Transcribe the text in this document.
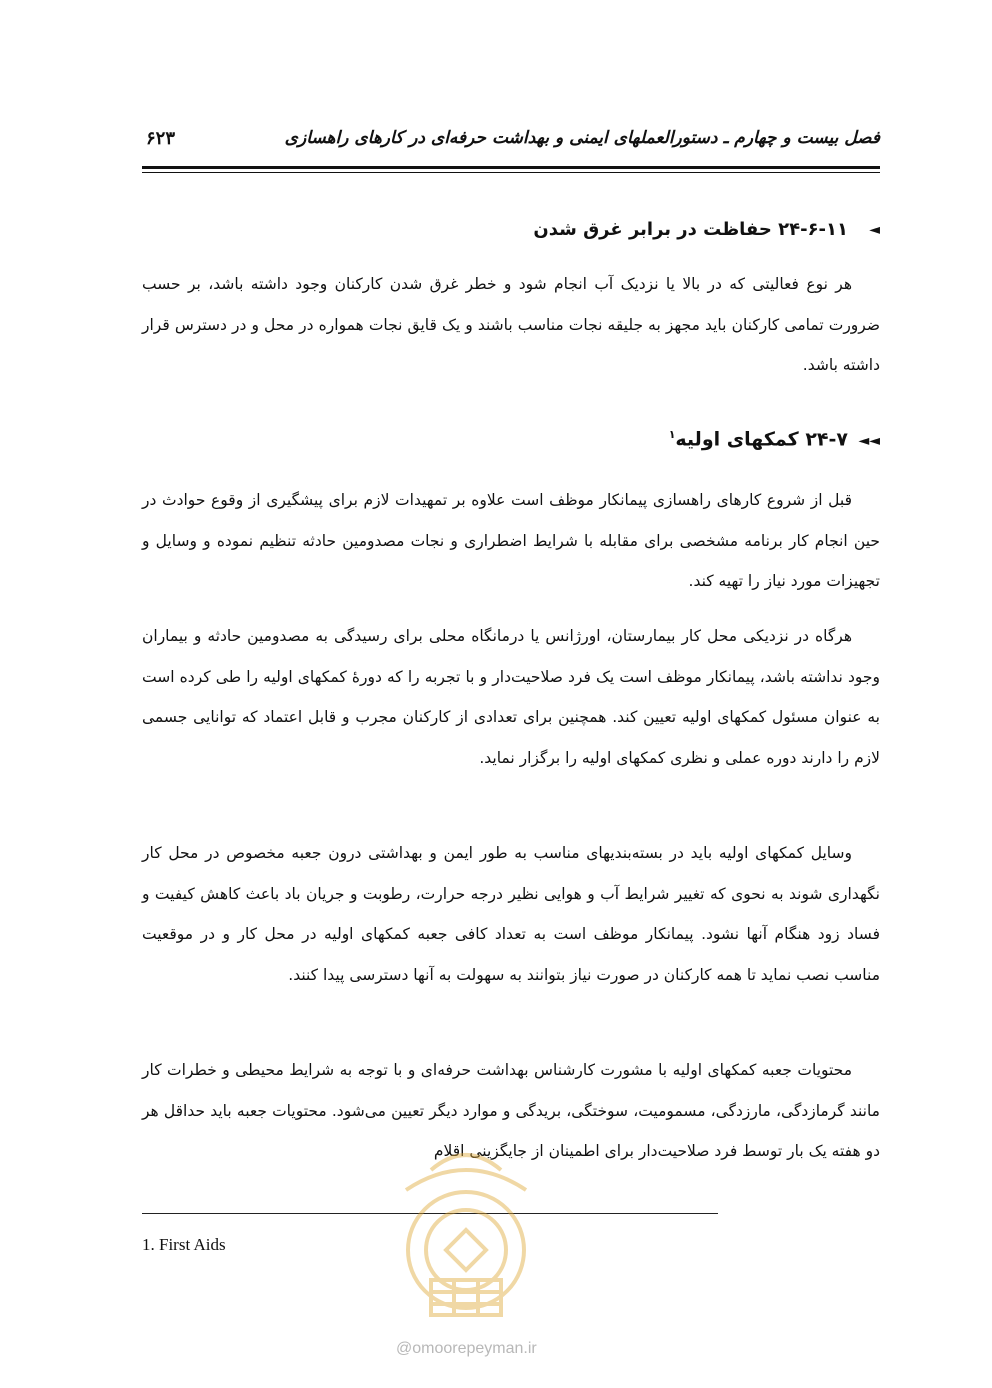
فصل بیست و چهارم ـ دستورالعملهای ایمنی و بهداشت حرفه‌ای در کارهای راهسازی
۶۲۳
◄
۲۴-۶-۱۱ حفاظت در برابر غرق شدن

هر نوع فعالیتی که در بالا یا نزدیک آب انجام شود و خطر غرق شدن کارکنان وجود داشته باشد، بر حسب ضرورت تمامی کارکنان باید مجهز به جلیقه نجات مناسب باشند و یک قایق نجات همواره در محل و در دسترس قرار داشته باشد.

◄◄
۲۴-۷ کمکهای اولیه$^۱$

قبل از شروع کارهای راهسازی پیمانکار موظف است علاوه بر تمهیدات لازم برای پیشگیری از وقوع حوادث در حین انجام کار برنامه مشخصی برای مقابله با شرایط اضطراری و نجات مصدومین حادثه تنظیم نموده و وسایل و تجهیزات مورد نیاز را تهیه کند.

هرگاه در نزدیکی محل کار بیمارستان، اورژانس یا درمانگاه محلی برای رسیدگی به مصدومین حادثه و بیماران وجود نداشته باشد، پیمانکار موظف است یک فرد صلاحیت‌دار و با تجربه را که دورهٔ کمکهای اولیه را طی کرده است به عنوان مسئول کمکهای اولیه تعیین کند. همچنین برای تعدادی از کارکنان مجرب و قابل اعتماد که توانایی جسمی لازم را دارند دوره عملی و نظری کمکهای اولیه را برگزار نماید.

وسایل کمکهای اولیه باید در بسته‌بندیهای مناسب به طور ایمن و بهداشتی درون جعبه مخصوص در محل کار نگهداری شوند به نحوی که تغییر شرایط آب و هوایی نظیر درجه حرارت، رطوبت و جریان باد باعث کاهش کیفیت و فساد زود هنگام آنها نشود. پیمانکار موظف است به تعداد کافی جعبه کمکهای اولیه در محل کار و در موقعیت مناسب نصب نماید تا همه کارکنان در صورت نیاز بتوانند به سهولت به آنها دسترسی پیدا کنند.

محتویات جعبه کمکهای اولیه با مشورت کارشناس بهداشت حرفه‌ای و با توجه به شرایط محیطی و خطرات کار مانند گرمازدگی، مارزدگی، مسمومیت، سوختگی، بریدگی و موارد دیگر تعیین می‌شود. محتویات جعبه باید حداقل هر دو هفته یک بار توسط فرد صلاحیت‌دار برای اطمینان از جایگزینی اقلام

1. First Aids
@omoorepeyman.ir
